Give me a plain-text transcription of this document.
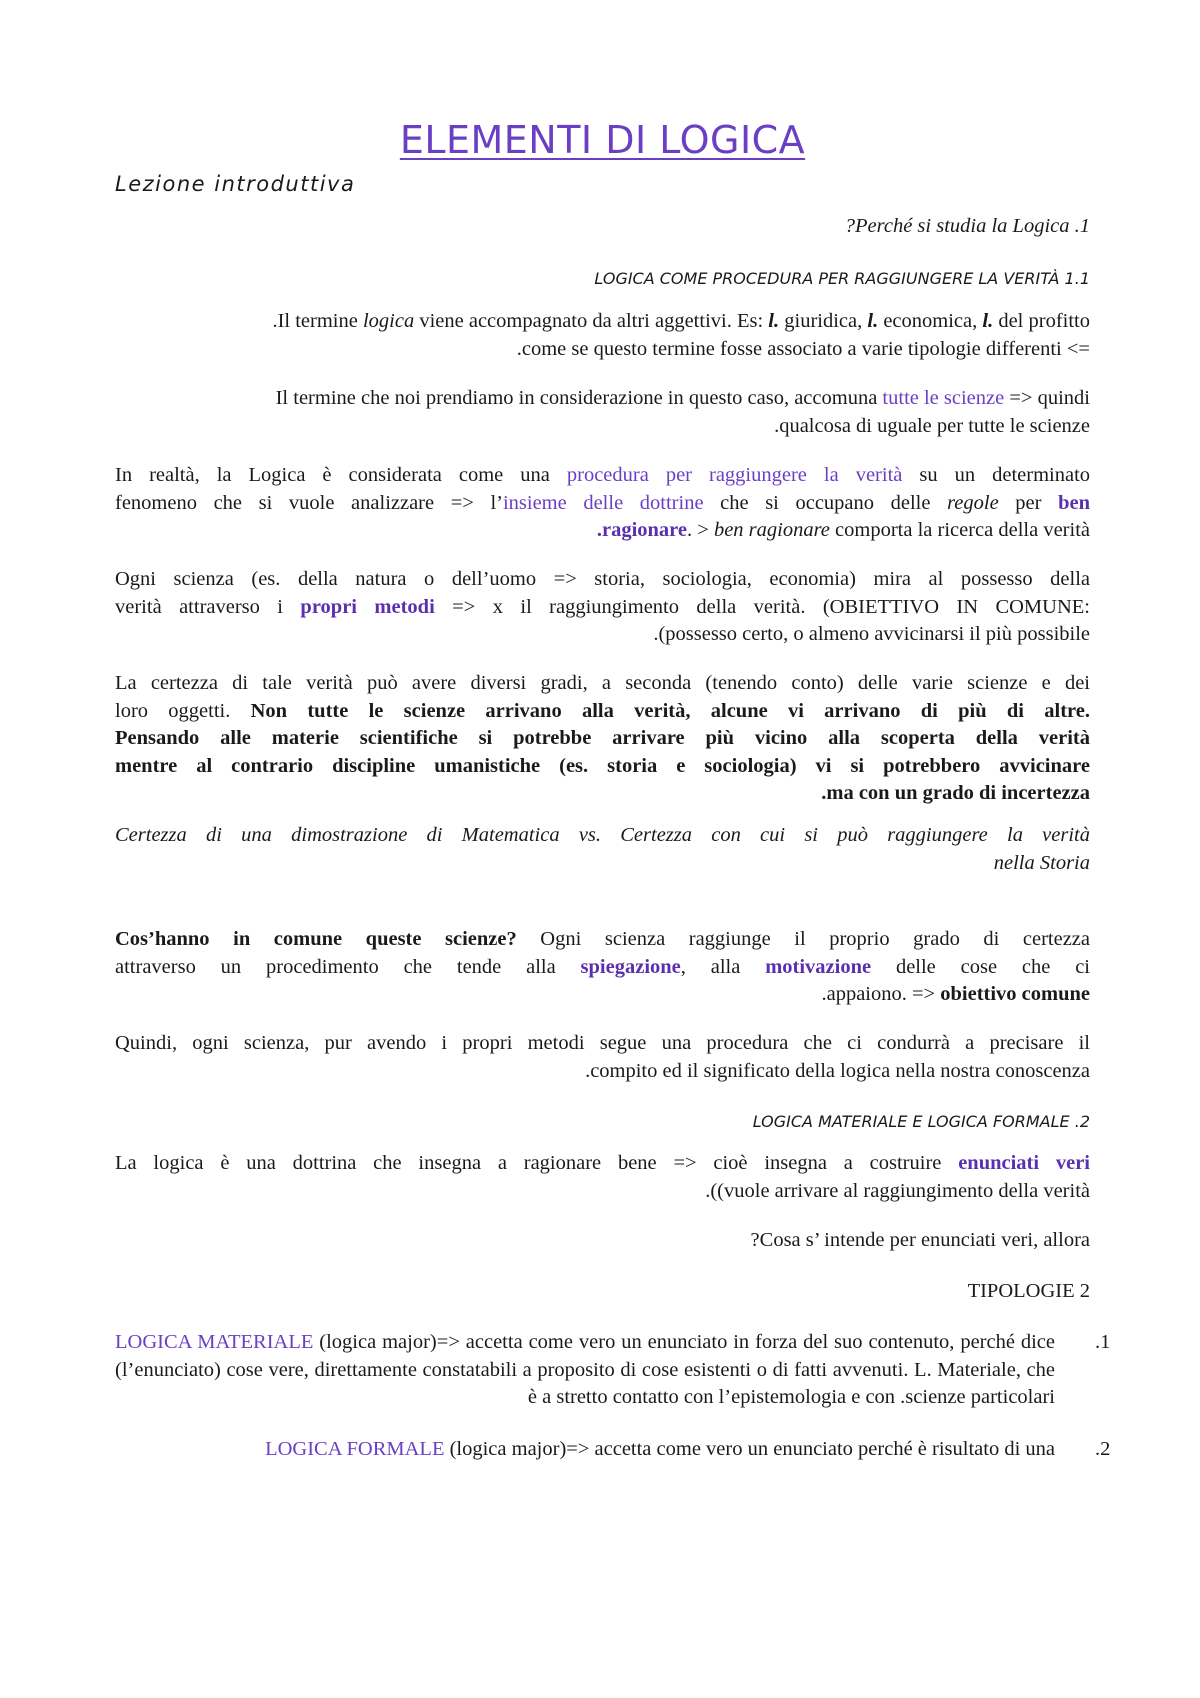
ELEMENTI DI LOGICA
Lezione introduttiva
?Perché si studia la Logica .1
LOGICA COME PROCEDURA PER RAGGIUNGERE LA VERITÀ 1.1
.Il termine logica viene accompagnato da altri aggettivi. Es: l. giuridica, l. economica, l. del profitto
.come se questo termine fosse associato a varie tipologie differenti <=
Il termine che noi prendiamo in considerazione in questo caso, accomuna tutte le scienze => quindi
.qualcosa di uguale per tutte le scienze
In realtà, la Logica è considerata come una procedura per raggiungere la verità su un determinato
fenomeno che si vuole analizzare => l’insieme delle dottrine che si occupano delle regole per ben
.ragionare. > ben ragionare comporta la ricerca della verità
Ogni scienza (es. della natura o dell’uomo => storia, sociologia, economia) mira al possesso della
verità attraverso i propri metodi => x il raggiungimento della verità. (OBIETTIVO IN COMUNE:
.(possesso certo, o almeno avvicinarsi il più possibile
La certezza di tale verità può avere diversi gradi, a seconda (tenendo conto) delle varie scienze e dei
loro oggetti. Non tutte le scienze arrivano alla verità, alcune vi arrivano di più di altre.
Pensando alle materie scientifiche si potrebbe arrivare più vicino alla scoperta della verità
mentre al contrario discipline umanistiche (es. storia e sociologia) vi si potrebbero avvicinare
.ma con un grado di incertezza
Certezza di una dimostrazione di Matematica vs. Certezza con cui si può raggiungere la verità
nella Storia
Cos’hanno in comune queste scienze? Ogni scienza raggiunge il proprio grado di certezza
attraverso un procedimento che tende alla spiegazione, alla motivazione delle cose che ci
.appaiono. => obiettivo comune
Quindi, ogni scienza, pur avendo i propri metodi segue una procedura che ci condurrà a precisare il
.compito ed il significato della logica nella nostra conoscenza
LOGICA MATERIALE E LOGICA FORMALE .2
La logica è una dottrina che insegna a ragionare bene => cioè insegna a costruire enunciati veri
.((vuole arrivare al raggiungimento della verità
?Cosa s’ intende per enunciati veri, allora
TIPOLOGIE 2
LOGICA MATERIALE (logica major)=> accetta come vero un enunciato in forza del suo contenuto, perché dice (l’enunciato) cose vere, direttamente constatabili a proposito di cose esistenti o di fatti avvenuti. L. Materiale, che è a stretto contatto con l’epistemologia e con .scienze particolari
.1
LOGICA FORMALE (logica major)=> accetta come vero un enunciato perché è risultato di una .2
